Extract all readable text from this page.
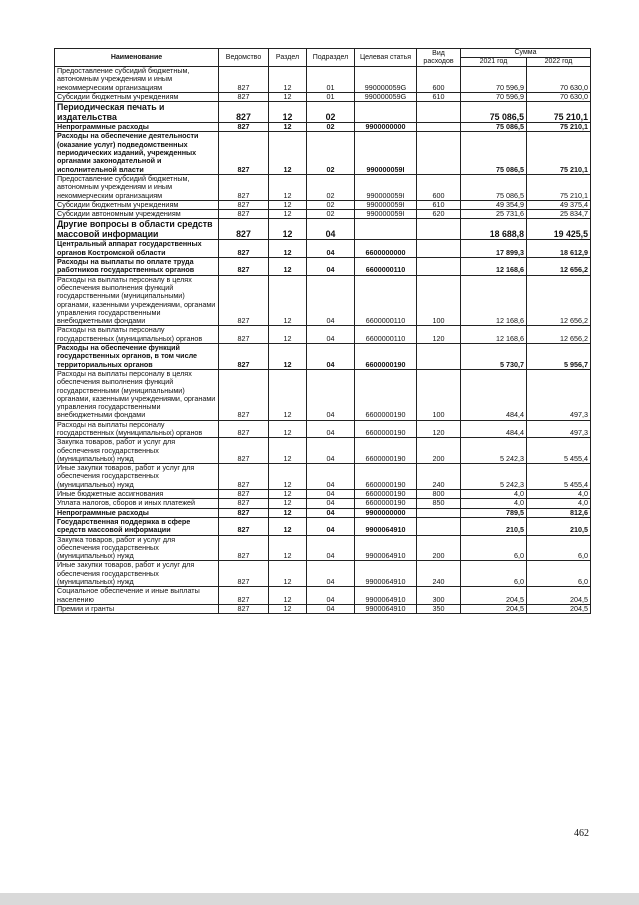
Наименование	Ведомство	Раздел	Подраздел	Целевая статья	Вид расходов	Сумма	
						2021 год	2022 год
Предоставление субсидий бюджетным, автономным учреждениям и иным некоммерческим организациям	827	12	01	990000059G	600	70 596,9	70 630,0
Субсидии бюджетным учреждениям	827	12	01	990000059G	610	70 596,9	70 630,0
Периодическая печать и издательства	827	12	02			75 086,5	75 210,1
Непрограммные расходы	827	12	02	9900000000		75 086,5	75 210,1
Расходы на обеспечение деятельности (оказание услуг) подведомственных периодических изданий, учрежденных органами законодательной и исполнительной власти	827	12	02	990000059I		75 086,5	75 210,1
Предоставление субсидий бюджетным, автономным учреждениям и иным некоммерческим организациям	827	12	02	990000059I	600	75 086,5	75 210,1
Субсидии бюджетным учреждениям	827	12	02	990000059I	610	49 354,9	49 375,4
Субсидии автономным учреждениям	827	12	02	990000059I	620	25 731,6	25 834,7
Другие вопросы в области средств массовой информации	827	12	04			18 688,8	19 425,5
Центральный аппарат государственных органов Костромской области	827	12	04	6600000000		17 899,3	18 612,9
Расходы на выплаты по оплате труда работников государственных органов	827	12	04	6600000110		12 168,6	12 656,2
Расходы на выплаты персоналу в целях обеспечения выполнения функций государственными (муниципальными) органами, казенными учреждениями, органами управления государственными внебюджетными фондами	827	12	04	6600000110	100	12 168,6	12 656,2
Расходы на выплаты персоналу государственных (муниципальных) органов	827	12	04	6600000110	120	12 168,6	12 656,2
Расходы на обеспечение функций государственных органов, в том числе территориальных органов	827	12	04	6600000190		5 730,7	5 956,7
Расходы на выплаты персоналу в целях обеспечения выполнения функций государственными (муниципальными) органами, казенными учреждениями, органами управления государственными внебюджетными фондами	827	12	04	6600000190	100	484,4	497,3
Расходы на выплаты персоналу государственных (муниципальных) органов	827	12	04	6600000190	120	484,4	497,3
Закупка товаров, работ и услуг для обеспечения государственных (муниципальных) нужд	827	12	04	6600000190	200	5 242,3	5 455,4
Иные закупки товаров, работ и услуг для обеспечения государственных (муниципальных) нужд	827	12	04	6600000190	240	5 242,3	5 455,4
Иные бюджетные ассигнования	827	12	04	6600000190	800	4,0	4,0
Уплата налогов, сборов и иных платежей	827	12	04	6600000190	850	4,0	4,0
Непрограммные расходы	827	12	04	9900000000		789,5	812,6
Государственная поддержка в сфере средств массовой информации	827	12	04	9900064910		210,5	210,5
Закупка товаров, работ и услуг для обеспечения государственных (муниципальных) нужд	827	12	04	9900064910	200	6,0	6,0
Иные закупки товаров, работ и услуг для обеспечения государственных (муниципальных) нужд	827	12	04	9900064910	240	6,0	6,0
Социальное обеспечение и иные выплаты населению	827	12	04	9900064910	300	204,5	204,5
Премии и гранты	827	12	04	9900064910	350	204,5	204,5
462
